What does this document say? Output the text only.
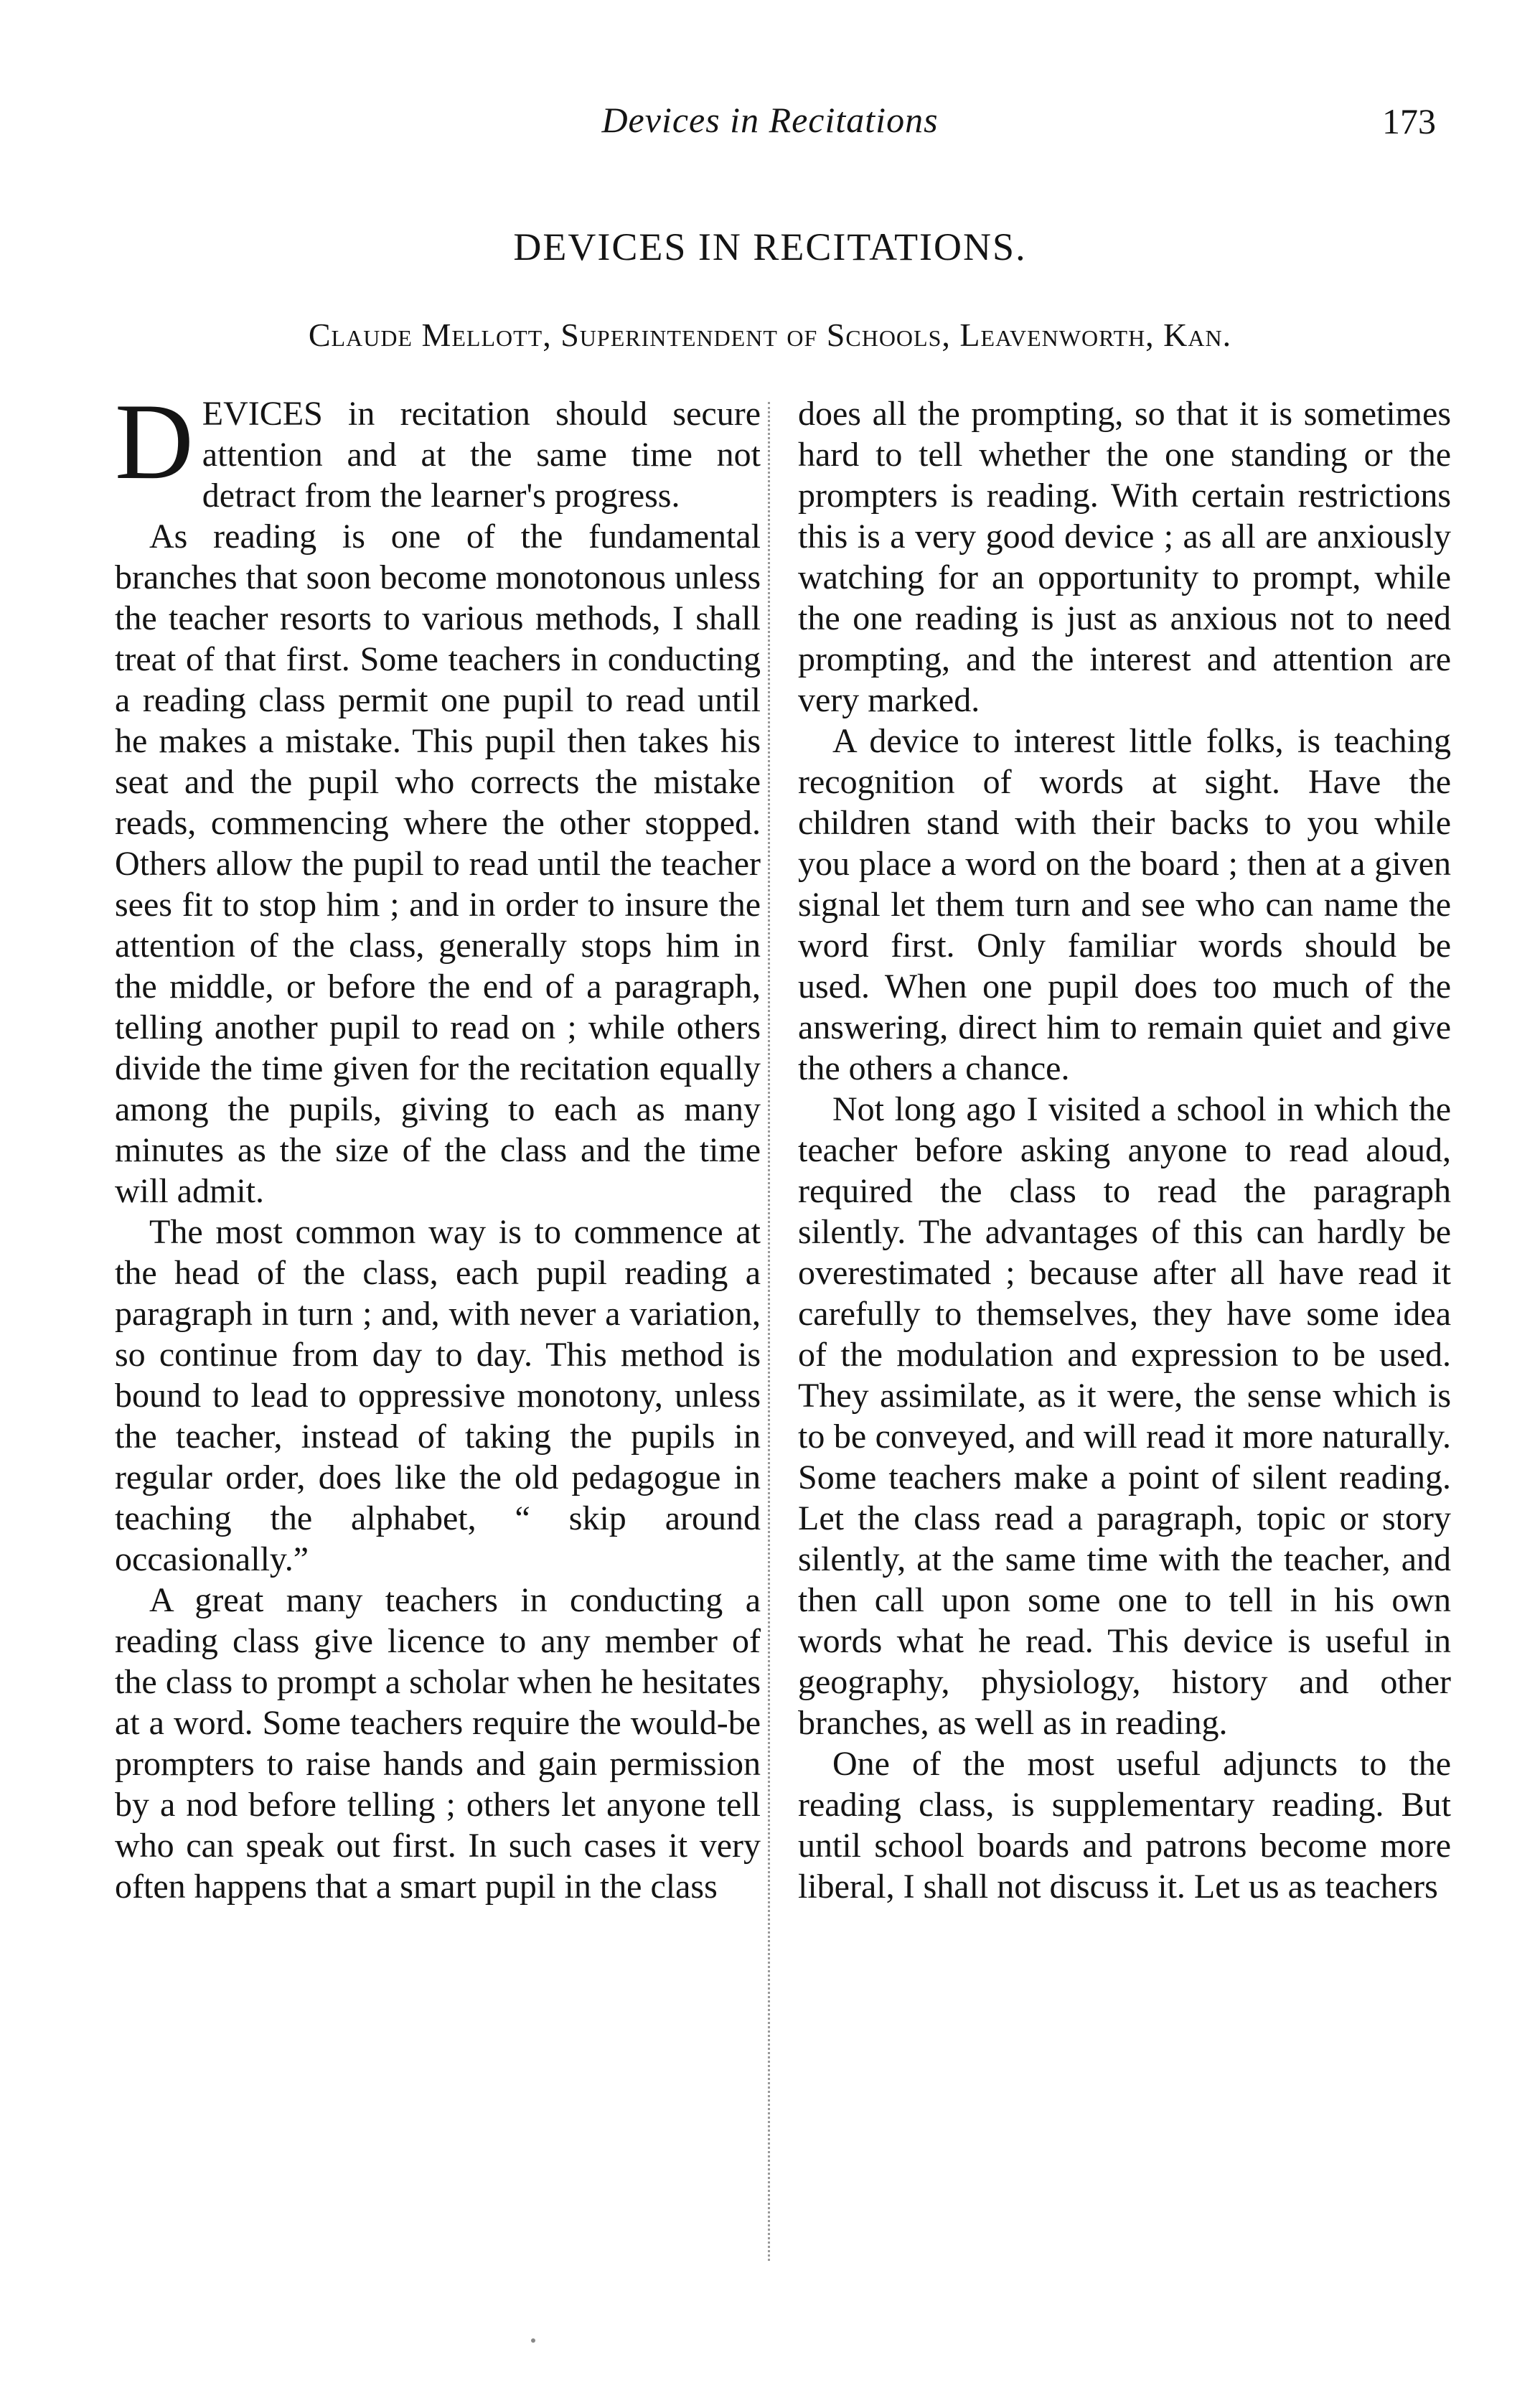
Devices in Recitations	173
DEVICES IN RECITATIONS.
Claude Mellott, Superintendent of Schools, Leavenworth, Kan.

DEVICES in recitation should secure attention and at the same time not detract from the learner's progress.

As reading is one of the fundamental branches that soon become monotonous unless the teacher resorts to various methods, I shall treat of that first. Some teachers in conducting a reading class permit one pupil to read until he makes a mistake. This pupil then takes his seat and the pupil who corrects the mistake reads, commencing where the other stopped. Others allow the pupil to read until the teacher sees fit to stop him ; and in order to insure the attention of the class, generally stops him in the middle, or before the end of a paragraph, telling another pupil to read on ; while others divide the time given for the recitation equally among the pupils, giving to each as many minutes as the size of the class and the time will admit.

The most common way is to commence at the head of the class, each pupil reading a paragraph in turn ; and, with never a variation, so continue from day to day. This method is bound to lead to oppressive monotony, unless the teacher, instead of taking the pupils in regular order, does like the old pedagogue in teaching the alphabet, “ skip around occasionally.”

A great many teachers in conducting a reading class give licence to any member of the class to prompt a scholar when he hesitates at a word. Some teachers require the would-be prompters to raise hands and gain permission by a nod before telling ; others let anyone tell who can speak out first. In such cases it very often happens that a smart pupil in the class

does all the prompting, so that it is sometimes hard to tell whether the one standing or the prompters is reading. With certain restrictions this is a very good device ; as all are anxiously watching for an opportunity to prompt, while the one reading is just as anxious not to need prompting, and the interest and attention are very marked.

A device to interest little folks, is teaching recognition of words at sight. Have the children stand with their backs to you while you place a word on the board ; then at a given signal let them turn and see who can name the word first. Only familiar words should be used. When one pupil does too much of the answering, direct him to remain quiet and give the others a chance.

Not long ago I visited a school in which the teacher before asking anyone to read aloud, required the class to read the paragraph silently. The advantages of this can hardly be overestimated ; because after all have read it carefully to themselves, they have some idea of the modulation and expression to be used. They assimilate, as it were, the sense which is to be conveyed, and will read it more naturally. Some teachers make a point of silent reading. Let the class read a paragraph, topic or story silently, at the same time with the teacher, and then call upon some one to tell in his own words what he read. This device is useful in geography, physiology, history and other branches, as well as in reading.

One of the most useful adjuncts to the reading class, is supplementary reading. But until school boards and patrons become more liberal, I shall not discuss it. Let us as teachers
